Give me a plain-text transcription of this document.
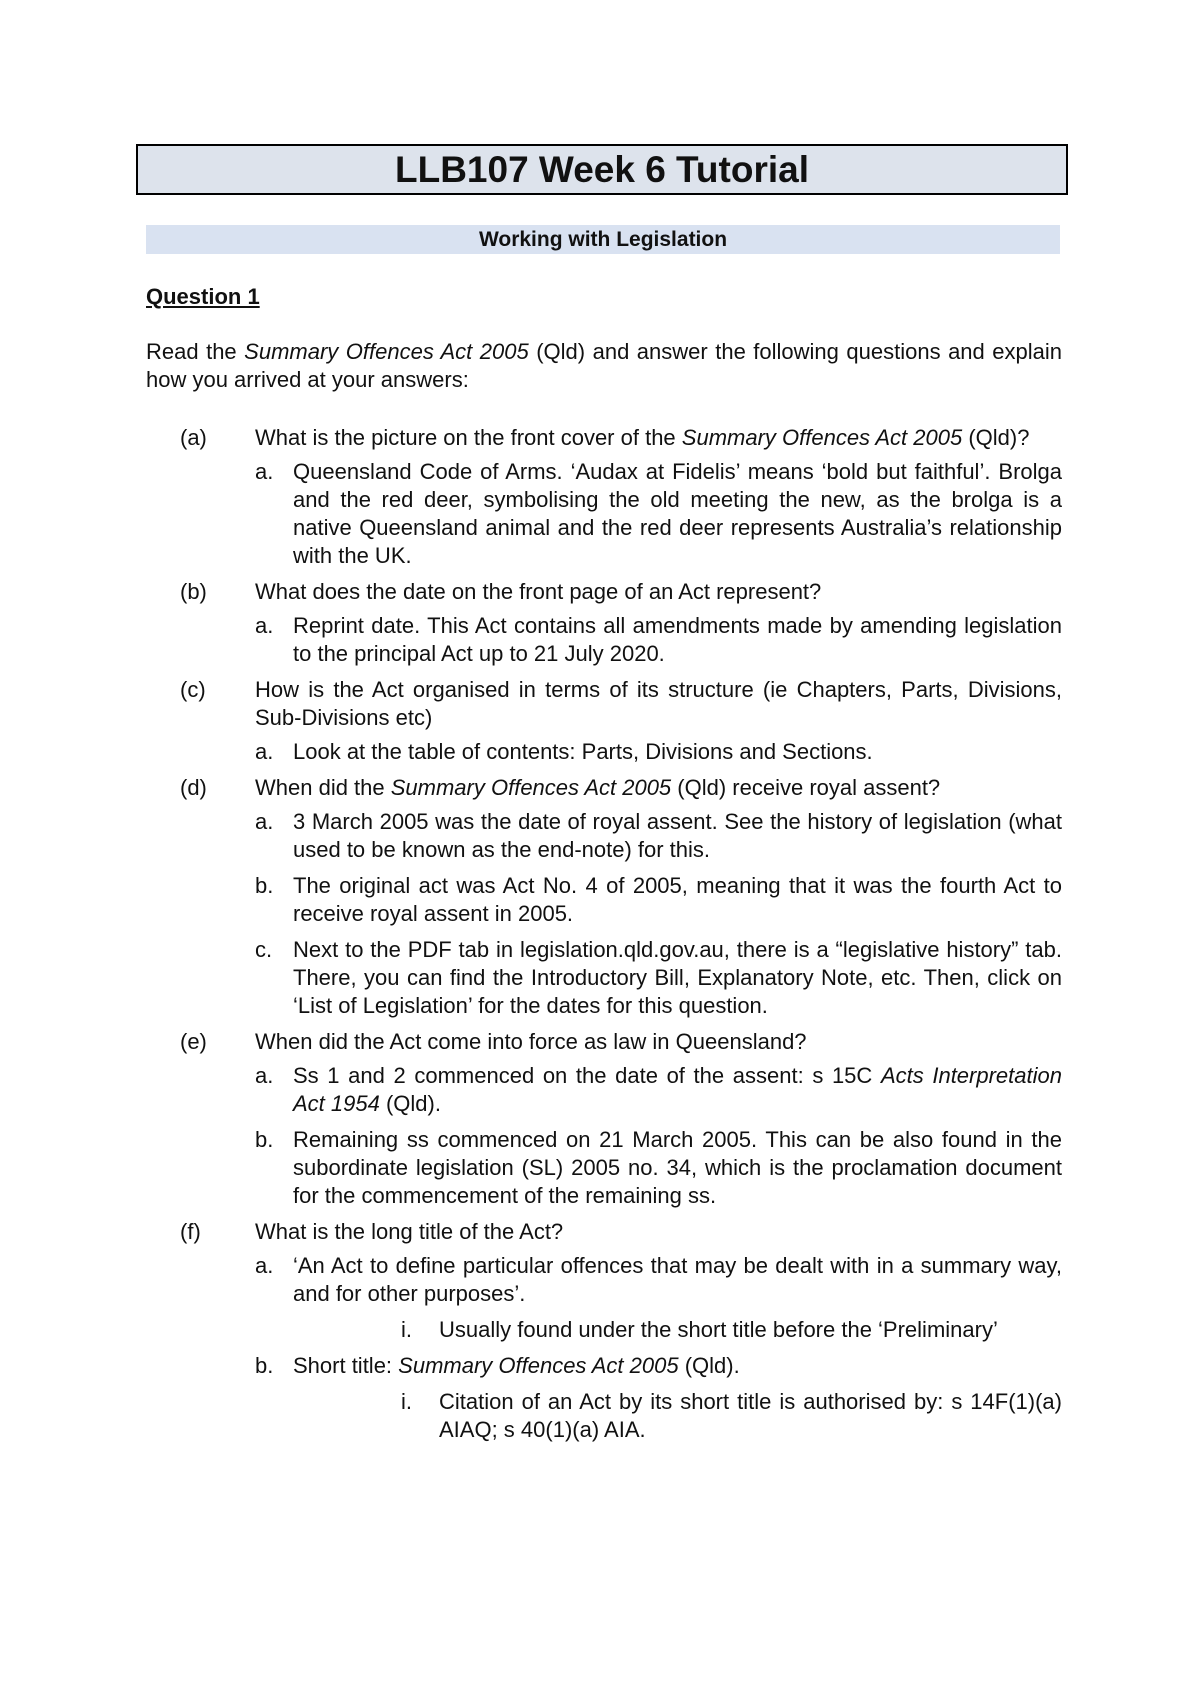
LLB107 Week 6 Tutorial
Working with Legislation
Question 1
Read the Summary Offences Act 2005 (Qld) and answer the following questions and explain how you arrived at your answers:
(a)	What is the picture on the front cover of the Summary Offences Act 2005 (Qld)?
a. Queensland Code of Arms. ‘Audax at Fidelis’ means ‘bold but faithful’. Brolga and the red deer, symbolising the old meeting the new, as the brolga is a native Queensland animal and the red deer represents Australia’s relationship with the UK.
(b)	What does the date on the front page of an Act represent?
a. Reprint date. This Act contains all amendments made by amending legislation to the principal Act up to 21 July 2020.
(c)	How is the Act organised in terms of its structure (ie Chapters, Parts, Divisions, Sub-Divisions etc)
a. Look at the table of contents: Parts, Divisions and Sections.
(d)	When did the Summary Offences Act 2005 (Qld) receive royal assent?
a. 3 March 2005 was the date of royal assent. See the history of legislation (what used to be known as the end-note) for this.
b. The original act was Act No. 4 of 2005, meaning that it was the fourth Act to receive royal assent in 2005.
c. Next to the PDF tab in legislation.qld.gov.au, there is a “legislative history” tab. There, you can find the Introductory Bill, Explanatory Note, etc. Then, click on ‘List of Legislation’ for the dates for this question.
(e)	When did the Act come into force as law in Queensland?
a. Ss 1 and 2 commenced on the date of the assent: s 15C Acts Interpretation Act 1954 (Qld).
b. Remaining ss commenced on 21 March 2005. This can be also found in the subordinate legislation (SL) 2005 no. 34, which is the proclamation document for the commencement of the remaining ss.
(f)	What is the long title of the Act?
a. ‘An Act to define particular offences that may be dealt with in a summary way, and for other purposes’.
i.	Usually found under the short title before the ‘Preliminary’
b. Short title: Summary Offences Act 2005 (Qld).
i.	Citation of an Act by its short title is authorised by: s 14F(1)(a) AIAQ; s 40(1)(a) AIA.
